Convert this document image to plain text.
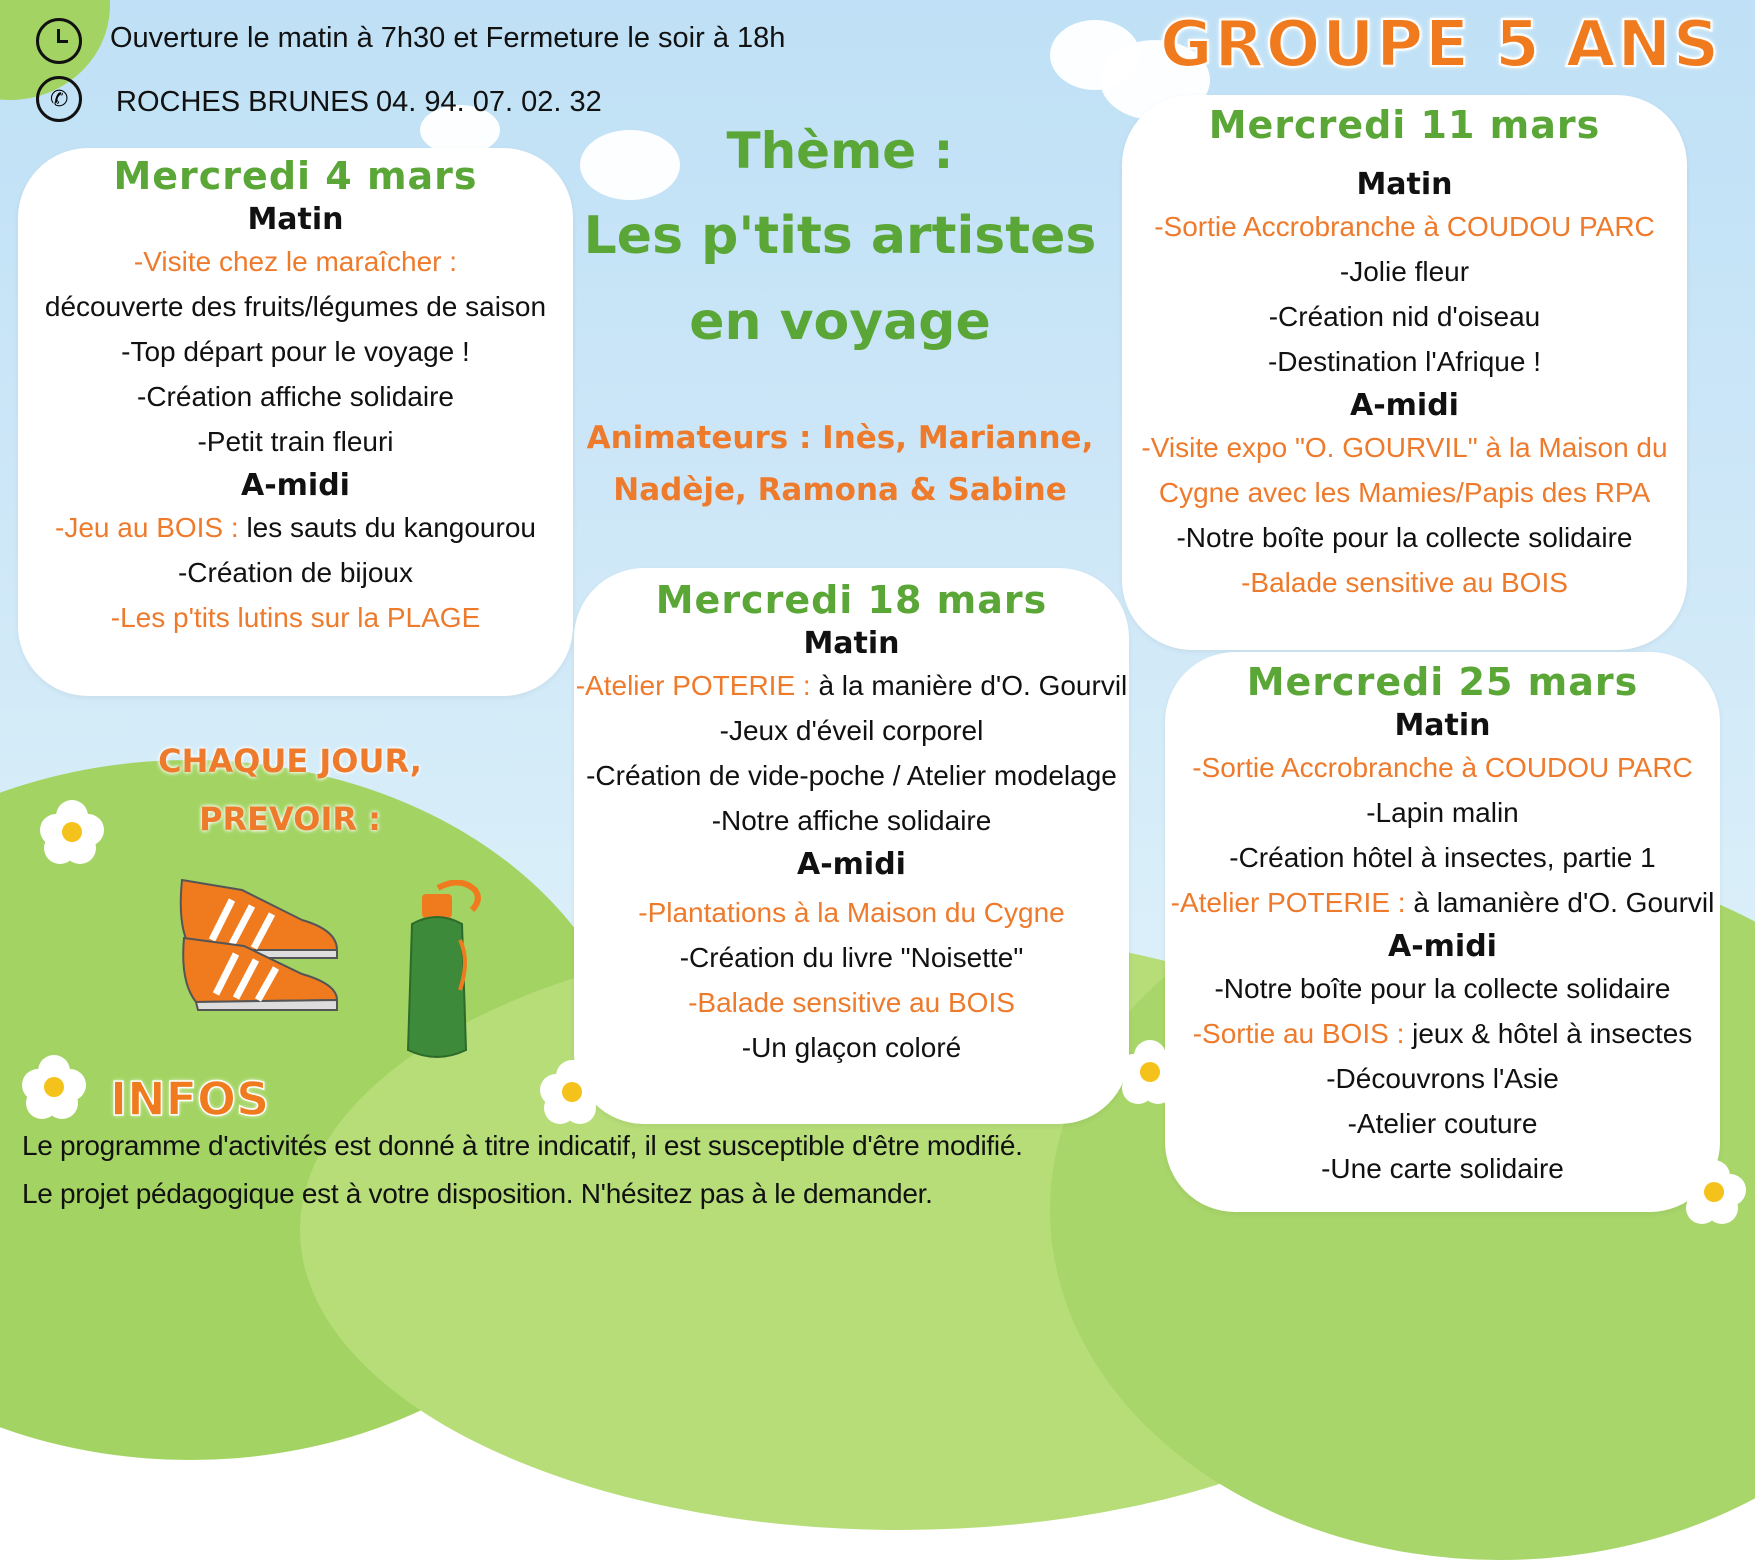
Ouverture le matin à 7h30 et Fermeture le soir à 18h
✆ ROCHES BRUNES 04. 94. 07. 02. 32
GROUPE 5 ANS
Thème :
Les p'tits artistes
en voyage
Animateurs : Inès, Marianne,
Nadèje, Ramona & Sabine
Mercredi 4 mars
Matin
-Visite chez le maraîcher :
découverte des fruits/légumes de saison
-Top départ pour le voyage !
-Création affiche solidaire
-Petit train fleuri
A-midi
-Jeu au BOIS : les sauts du kangourou
-Création de bijoux
-Les p'tits lutins sur la PLAGE
Mercredi 11 mars
Matin
-Sortie Accrobranche à COUDOU PARC
-Jolie fleur
-Création nid d'oiseau
-Destination l'Afrique !
A-midi
-Visite expo "O. GOURVIL" à la Maison du
Cygne avec les Mamies/Papis des RPA
-Notre boîte pour la collecte solidaire
-Balade sensitive au BOIS
Mercredi 18 mars
Matin
-Atelier POTERIE : à la manière d'O. Gourvil
-Jeux d'éveil corporel
-Création de vide-poche / Atelier modelage
-Notre affiche solidaire
A-midi
-Plantations à la Maison du Cygne
-Création du livre "Noisette"
-Balade sensitive au BOIS
-Un glaçon coloré
Mercredi 25 mars
Matin
-Sortie Accrobranche à COUDOU PARC
-Lapin malin
-Création hôtel à insectes, partie 1
-Atelier POTERIE : à lamanière d'O. Gourvil
A-midi
-Notre boîte pour la collecte solidaire
-Sortie au BOIS : jeux & hôtel à insectes
-Découvrons l'Asie
-Atelier couture
-Une carte solidaire
CHAQUE JOUR,
PREVOIR :
INFOS
Le programme d'activités est donné à titre indicatif, il est susceptible d'être modifié.
Le projet pédagogique est à votre disposition. N'hésitez pas à le demander.
